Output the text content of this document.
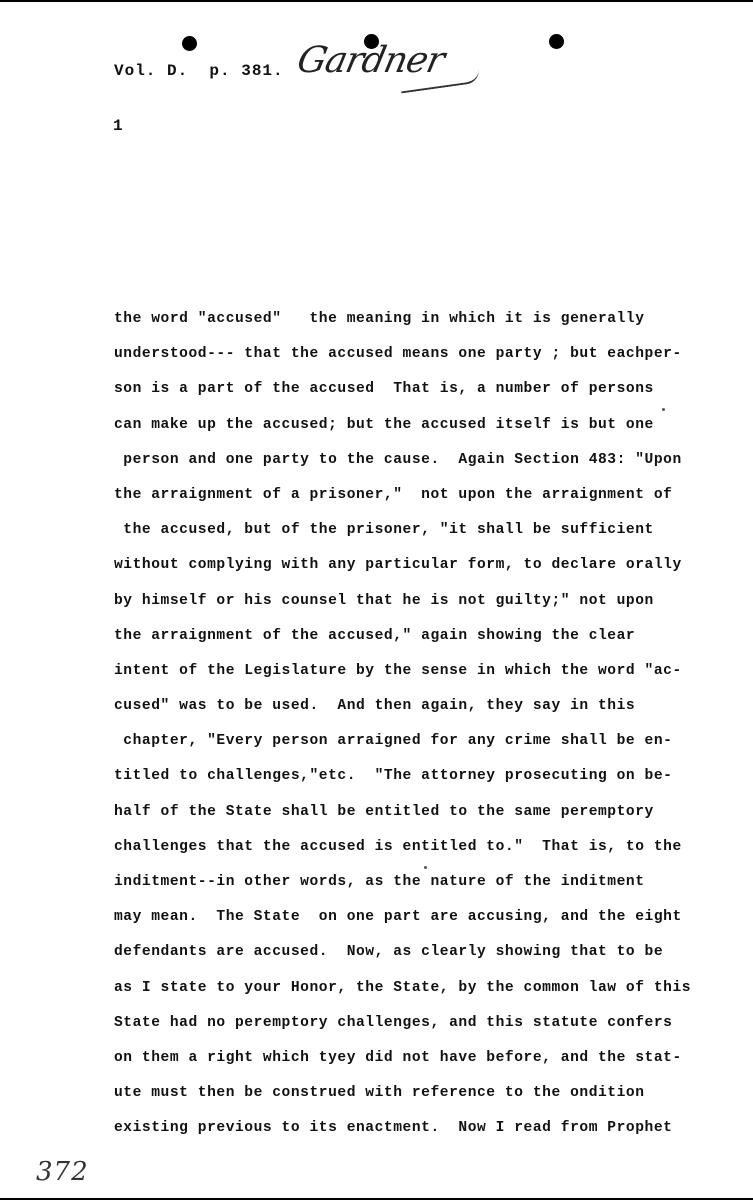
Vol. D.  p. 381. Gardner
1
the word "accused"   the meaning in which it is generally
understood--- that the accused means one party ; but eachper-
son is a part of the accused  That is, a number of persons
can make up the accused; but the accused itself is but one
person and one party to the cause.  Again Section 483: "Upon
the arraignment of a prisoner,"  not upon the arraignment of
the accused, but of the prisoner, "it shall be sufficient
without complying with any particular form, to declare orally
by himself or his counsel that he is not guilty;" not upon
the arraignment of the accused," again showing the clear
intent of the Legislature by the sense in which the word "ac-
cused" was to be used.  And then again, they say in this
chapter, "Every person arraigned for any crime shall be en-
titled to challenges,"etc.  "The attorney prosecuting on be-
half of the State shall be entitled to the same peremptory
challenges that the accused is entitled to."  That is, to the
inditment--in other words, as the nature of the inditment
may mean.  The State  on one part are accusing, and the eight
defendants are accused.  Now, as clearly showing that to be
as I state to your Honor, the State, by the common law of this
State had no peremptory challenges, and this statute confers
on them a right which tyey did not have before, and the stat-
ute must then be construed with reference to the ondition
existing previous to its enactment.  Now I read from Prophet
372
